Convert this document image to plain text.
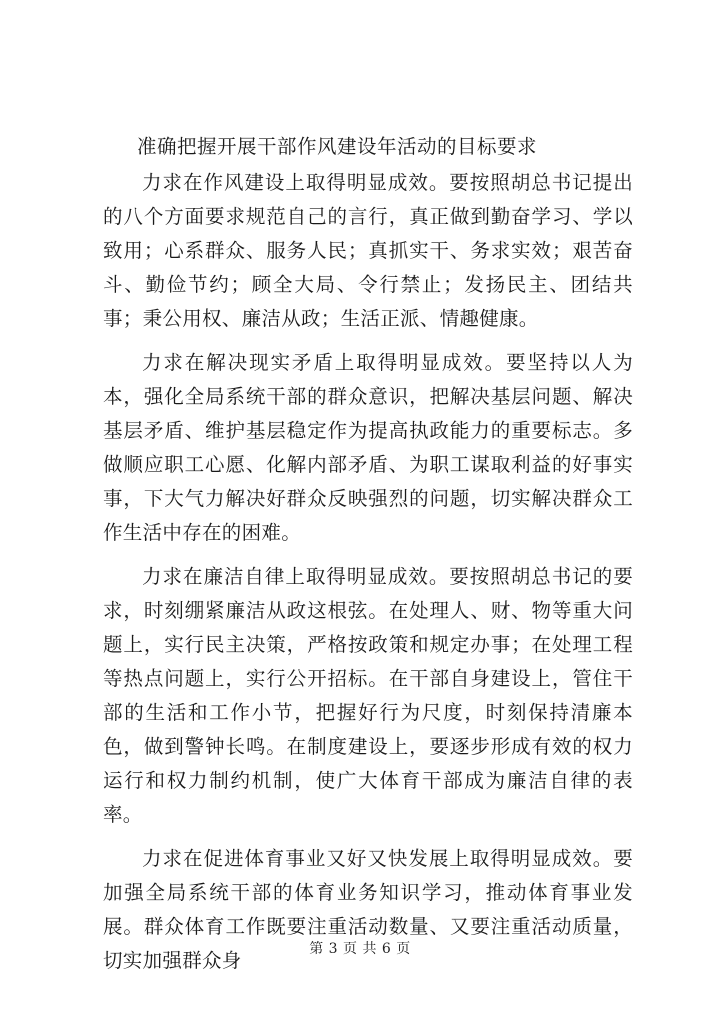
准确把握开展干部作风建设年活动的目标要求

力求在作风建设上取得明显成效。要按照胡总书记提出的八个方面要求规范自己的言行，真正做到勤奋学习、学以致用；心系群众、服务人民；真抓实干、务求实效；艰苦奋斗、勤俭节约；顾全大局、令行禁止；发扬民主、团结共事；秉公用权、廉洁从政；生活正派、情趣健康。

力求在解决现实矛盾上取得明显成效。要坚持以人为本，强化全局系统干部的群众意识，把解决基层问题、解决基层矛盾、维护基层稳定作为提高执政能力的重要标志。多做顺应职工心愿、化解内部矛盾、为职工谋取利益的好事实事，下大气力解决好群众反映强烈的问题，切实解决群众工作生活中存在的困难。

力求在廉洁自律上取得明显成效。要按照胡总书记的要求，时刻绷紧廉洁从政这根弦。在处理人、财、物等重大问题上，实行民主决策，严格按政策和规定办事；在处理工程等热点问题上，实行公开招标。在干部自身建设上，管住干部的生活和工作小节，把握好行为尺度，时刻保持清廉本色，做到警钟长鸣。在制度建设上，要逐步形成有效的权力运行和权力制约机制，使广大体育干部成为廉洁自律的表率。

力求在促进体育事业又好又快发展上取得明显成效。要加强全局系统干部的体育业务知识学习，推动体育事业发展。群众体育工作既要注重活动数量、又要注重活动质量，切实加强群众身	第 3 页 共 6 页
